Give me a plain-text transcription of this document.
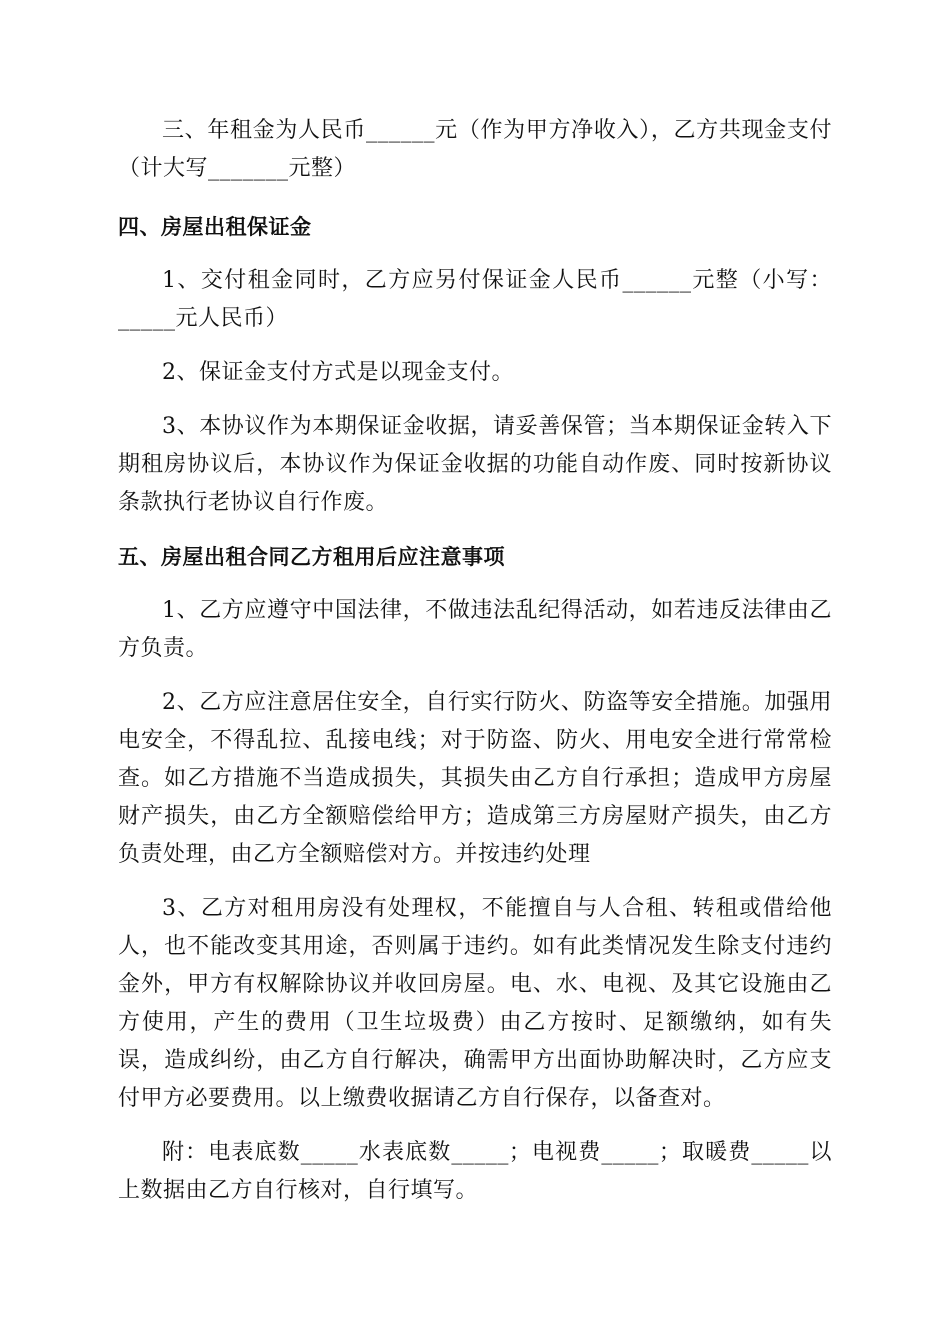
三、年租金为人民币______元（作为甲方净收入），乙方共现金支付（计大写_______元整）

四、房屋出租保证金

1、交付租金同时，乙方应另付保证金人民币______元整（小写：_____元人民币）

2、保证金支付方式是以现金支付。

3、本协议作为本期保证金收据，请妥善保管；当本期保证金转入下期租房协议后，本协议作为保证金收据的功能自动作废、同时按新协议条款执行老协议自行作废。

五、房屋出租合同乙方租用后应注意事项

1、乙方应遵守中国法律，不做违法乱纪得活动，如若违反法律由乙方负责。

2、乙方应注意居住安全，自行实行防火、防盗等安全措施。加强用电安全，不得乱拉、乱接电线；对于防盗、防火、用电安全进行常常检查。如乙方措施不当造成损失，其损失由乙方自行承担；造成甲方房屋财产损失，由乙方全额赔偿给甲方；造成第三方房屋财产损失，由乙方负责处理，由乙方全额赔偿对方。并按违约处理

3、乙方对租用房没有处理权，不能擅自与人合租、转租或借给他人，也不能改变其用途，否则属于违约。如有此类情况发生除支付违约金外，甲方有权解除协议并收回房屋。电、水、电视、及其它设施由乙方使用，产生的费用（卫生垃圾费）由乙方按时、足额缴纳，如有失误，造成纠纷，由乙方自行解决，确需甲方出面协助解决时，乙方应支付甲方必要费用。以上缴费收据请乙方自行保存，以备查对。

附：电表底数_____水表底数_____；电视费_____；取暖费_____以上数据由乙方自行核对，自行填写。
